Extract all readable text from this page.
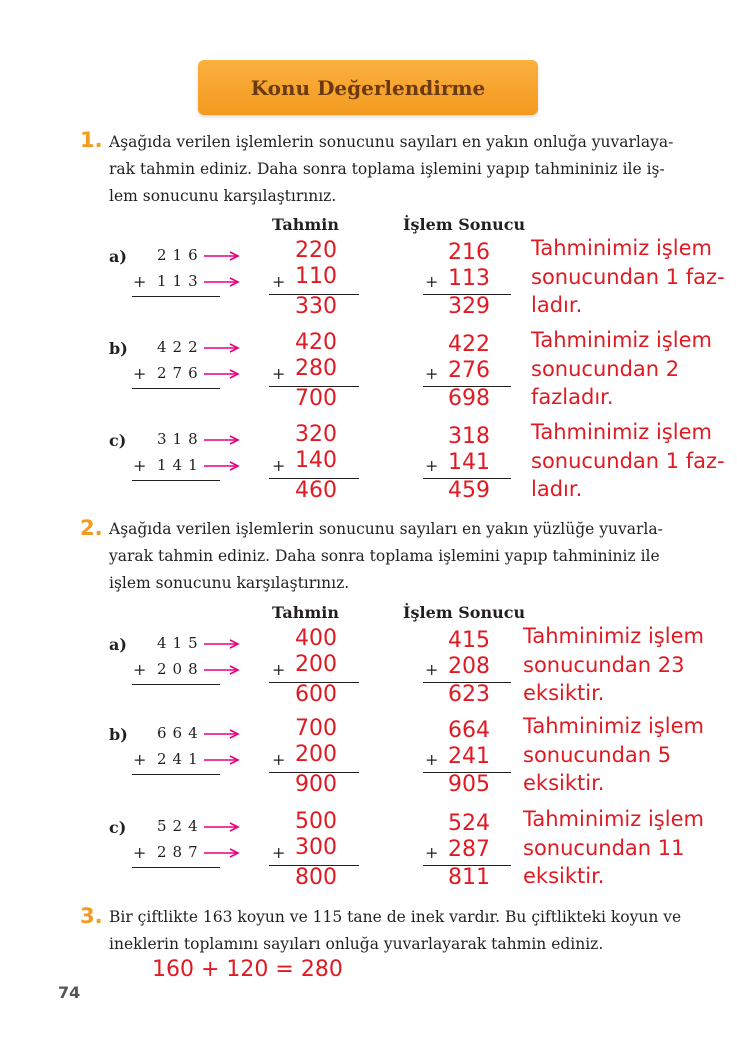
Konu Değerlendirme
1. Aşağıda verilen işlemlerin sonucunu sayıları en yakın onluğa yuvarlaya-
rak tahmin ediniz. Daha sonra toplama işlemini yapıp tahmininiz ile iş-
lem sonucunu karşılaştırınız.
Tahmin	İşlem Sonucu
a) 216
+ 113
220
+ 110
330
216
+ 113
329
Tahminimiz işlem
sonucundan 1 faz-
ladır.
b) 422
+ 276
420
+ 280
700
422
+ 276
698
Tahminimiz işlem
sonucundan 2
fazladır.
c) 318
+ 141
320
+ 140
460
318
+ 141
459
Tahminimiz işlem
sonucundan 1 faz-
ladır.
2. Aşağıda verilen işlemlerin sonucunu sayıları en yakın yüzlüğe yuvarla-
yarak tahmin ediniz. Daha sonra toplama işlemini yapıp tahmininiz ile
işlem sonucunu karşılaştırınız.
Tahmin	İşlem Sonucu
a) 415
+ 208
400
+ 200
600
415
+ 208
623
Tahminimiz işlem
sonucundan 23
eksiktir.
b) 664
+ 241
700
+ 200
900
664
+ 241
905
Tahminimiz işlem
sonucundan 5
eksiktir.
c) 524
+ 287
500
+ 300
800
524
+ 287
811
Tahminimiz işlem
sonucundan 11
eksiktir.
3. Bir çiftlikte 163 koyun ve 115 tane de inek vardır. Bu çiftlikteki koyun ve
ineklerin toplamını sayıları onluğa yuvarlayarak tahmin ediniz.
160 + 120 = 280
74
